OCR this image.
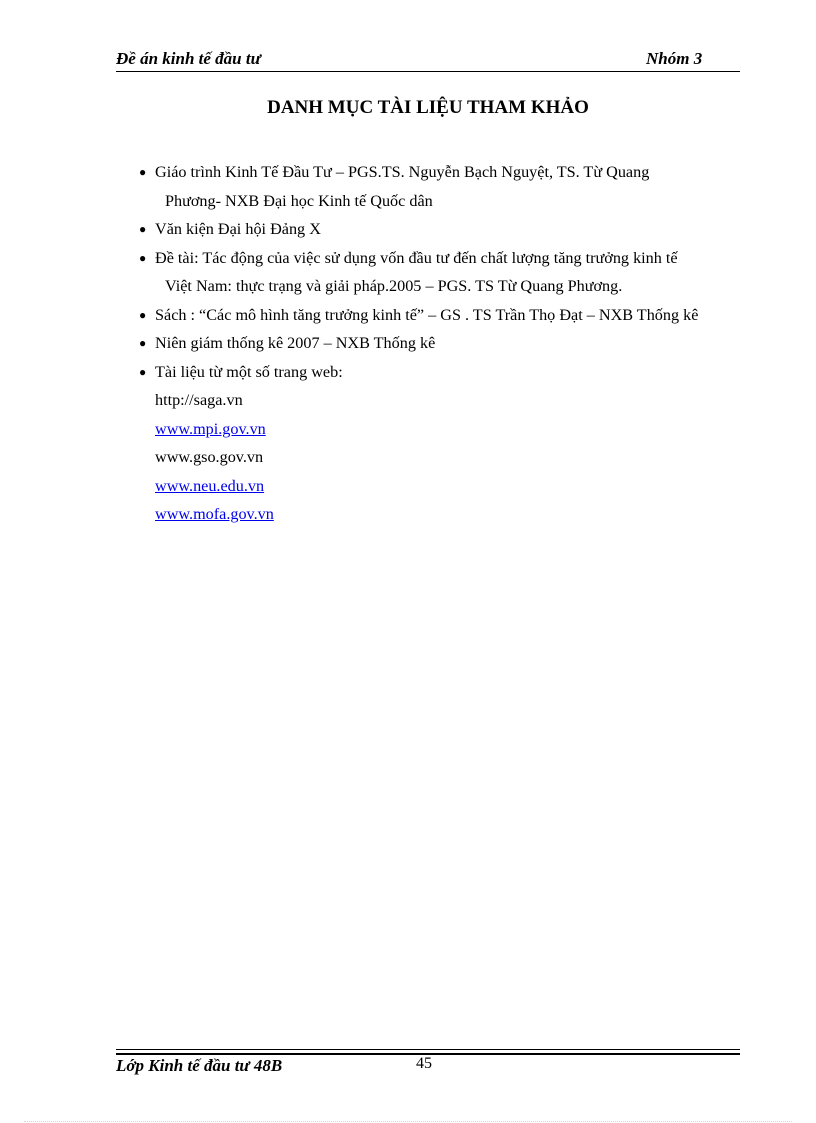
Đề án kinh tế đầu tư	Nhóm 3
DANH MỤC TÀI LIỆU THAM KHẢO
● Giáo trình Kinh Tế Đầu Tư – PGS.TS. Nguyễn Bạch Nguyệt, TS. Từ Quang
Phương- NXB Đại học Kinh tế Quốc dân
● Văn kiện Đại hội Đảng X
● Đề tài: Tác động của việc sử dụng vốn đầu tư đến chất lượng tăng trưởng kinh tế
Việt Nam: thực trạng và giải pháp.2005 – PGS. TS Từ Quang Phương.
● Sách : “Các mô hình tăng trưởng kinh tế” – GS . TS Trần Thọ Đạt – NXB Thống kê
● Niên giám thống kê 2007 – NXB Thống kê
● Tài liệu từ một số trang web:
http://saga.vn
www.mpi.gov.vn
www.gso.gov.vn
www.neu.edu.vn
www.mofa.gov.vn
Lớp Kinh tế đầu tư 48B	45
